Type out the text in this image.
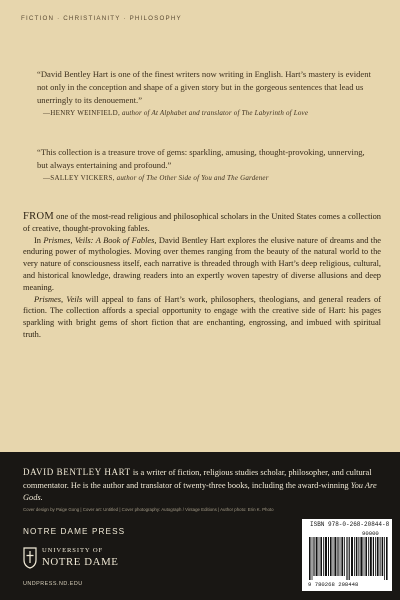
FICTION · CHRISTIANITY · PHILOSOPHY
“David Bentley Hart is one of the finest writers now writing in English. Hart’s mastery is evident not only in the conception and shape of a given story but in the gorgeous sentences that lead us unerringly to its denouement.”
—HENRY WEINFIELD, author of At Alphabet and translator of The Labyrinth of Love
“This collection is a treasure trove of gems: sparkling, amusing, thought-provoking, unnerving, but always entertaining and profound.”
—SALLEY VICKERS, author of The Other Side of You and The Gardener

FROM one of the most-read religious and philosophical scholars in the United States comes a collection of creative, thought-provoking fables.

In Prismes, Veils: A Book of Fables, David Bentley Hart explores the elusive nature of dreams and the enduring power of mythologies. Moving over themes ranging from the beauty of the natural world to the very nature of consciousness itself, each narrative is threaded through with Hart’s deep religious, cultural, and historical knowledge, drawing readers into an expertly woven tapestry of diverse allusions and deep meaning.

Prismes, Veils will appeal to fans of Hart’s work, philosophers, theologians, and general readers of fiction. The collection affords a special opportunity to engage with the creative side of Hart: his pages sparkling with bright gems of short fiction that are enchanting, engrossing, and imbued with spiritual truth.

DAVID BENTLEY HART is a writer of fiction, religious studies scholar, philosopher, and cultural commentator. He is the author and translator of twenty-three books, including the award-winning You Are Gods.
Cover design by Paige Gong | Cover art: Untitled | Cover photography: Autograph / Vintage Editions | Author photo: Erin K. Photo
NOTRE DAME PRESS
UNIVERSITY OF
NOTRE DAME
UNDPRESS.ND.EDU
ISBN 978-0-268-20844-8
90000
9 780268 208448
